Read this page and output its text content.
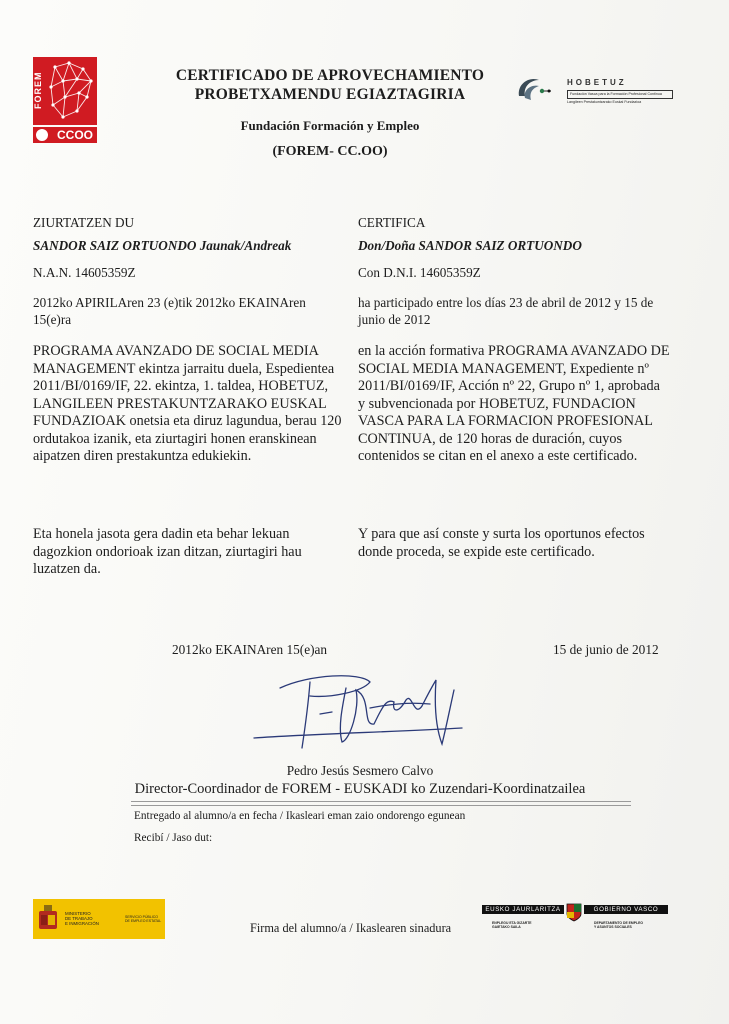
FOREM
CCOO
CERTIFICADO DE APROVECHAMIENTO
PROBETXAMENDU EGIAZTAGIRIA
Fundación Formación y Empleo
(FOREM- CC.OO)
HOBETUZ
Fundación Vasca para la Formación Profesional Continua
Langileen Prestakuntzarako Euskal Fundazioa
ZIURTATZEN DU
SANDOR SAIZ ORTUONDO Jaunak/Andreak
N.A.N. 14605359Z
2012ko APIRILAren 23 (e)tik 2012ko EKAINAren 15(e)ra
PROGRAMA AVANZADO DE SOCIAL MEDIA MANAGEMENT ekintza jarraitu duela, Espedientea 2011/BI/0169/IF, 22. ekintza, 1. taldea, HOBETUZ, LANGILEEN PRESTAKUNTZARAKO EUSKAL FUNDAZIOAK onetsia eta diruz lagundua, berau 120 ordutakoa izanik, eta ziurtagiri honen eranskinean aipatzen diren prestakuntza edukiekin.
Eta honela jasota gera dadin eta behar lekuan dagozkion ondorioak izan ditzan, ziurtagiri hau luzatzen da.
2012ko EKAINAren 15(e)an
CERTIFICA
Don/Doña SANDOR SAIZ ORTUONDO
Con D.N.I. 14605359Z
ha participado entre los días 23 de abril de 2012 y 15 de junio de 2012
en la acción formativa PROGRAMA AVANZADO DE SOCIAL MEDIA MANAGEMENT, Expediente nº 2011/BI/0169/IF, Acción nº 22, Grupo nº 1, aprobada y subvencionada por HOBETUZ, FUNDACION VASCA PARA LA FORMACION PROFESIONAL CONTINUA, de 120 horas de duración, cuyos contenidos se citan en el anexo a este certificado.
Y para que así conste y surta los oportunos efectos donde proceda, se expide este certificado.
15 de junio de 2012
Pedro Jesús Sesmero Calvo
Director-Coordinador de FOREM - EUSKADI ko Zuzendari-Koordinatzailea
Entregado al alumno/a en fecha / Ikasleari eman zaio ondorengo egunean
Recibí / Jaso dut:
MINISTERIO
DE TRABAJO
E INMIGRACIÓN
SERVICIO PÚBLICO
DE EMPLEO ESTATAL	Firma del alumno/a / Ikaslearen sinadura
EUSKO JAURLARITZA	GOBIERNO VASCO
ENPLEGU ETA GIZARTE
GAIETAKO SAILA
DEPARTAMENTO DE EMPLEO
Y ASUNTOS SOCIALES
